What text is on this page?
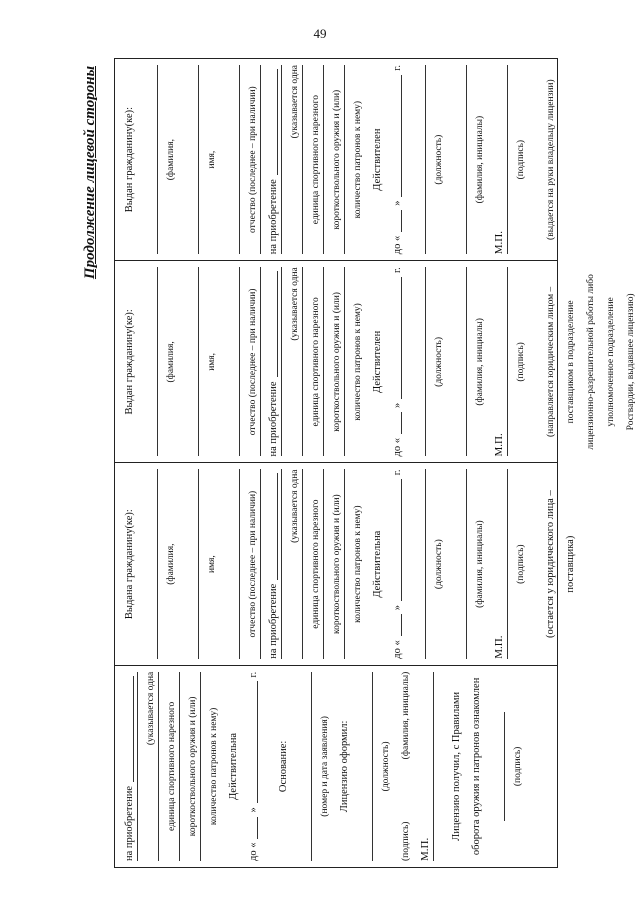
49
Продолжение лицевой стороны
на приобретение
(указывается одна единица спортивного нарезного короткоствольного оружия и (или) количество патронов к нему) Действительна
до «
»
г.
Основание:	(номер и дата заявления) Лицензию оформил:	(должность)
(подпись)
(фамилия, инициалы)
М.П.
Лицензию получил, с Правилами оборота оружия и патронов ознакомлен	(подпись)
Выдана гражданину(ке):	(фамилия,	имя,	отчество (последнее – при наличии) на приобретение
(указывается одна единица спортивного нарезного короткоствольного оружия и (или) количество патронов к нему) Действительна
до «
»
г.
(должность)	(фамилия, инициалы)
М.П.
(подпись) (остается у юридического лица – поставщика)
Выдан гражданину(ке):	(фамилия,	имя,	отчество (последнее – при наличии) на приобретение
(указывается одна единица спортивного нарезного короткоствольного оружия и (или) количество патронов к нему) Действителен
до «
»
г.
(должность)	(фамилия, инициалы)
М.П.
(подпись) (направляется юридическим лицом – поставщиком в подразделение лицензионно-разрешительной работы либо уполномоченное подразделение Росгвардии, выдавшее лицензию)
Выдан гражданину(ке):	(фамилия,	имя,	отчество (последнее – при наличии) на приобретение
(указывается одна единица спортивного нарезного короткоствольного оружия и (или) количество патронов к нему) Действителен
до «
»
г.
(должность)	(фамилия, инициалы)
М.П.
(подпись) (выдается на руки владельцу лицензии)
